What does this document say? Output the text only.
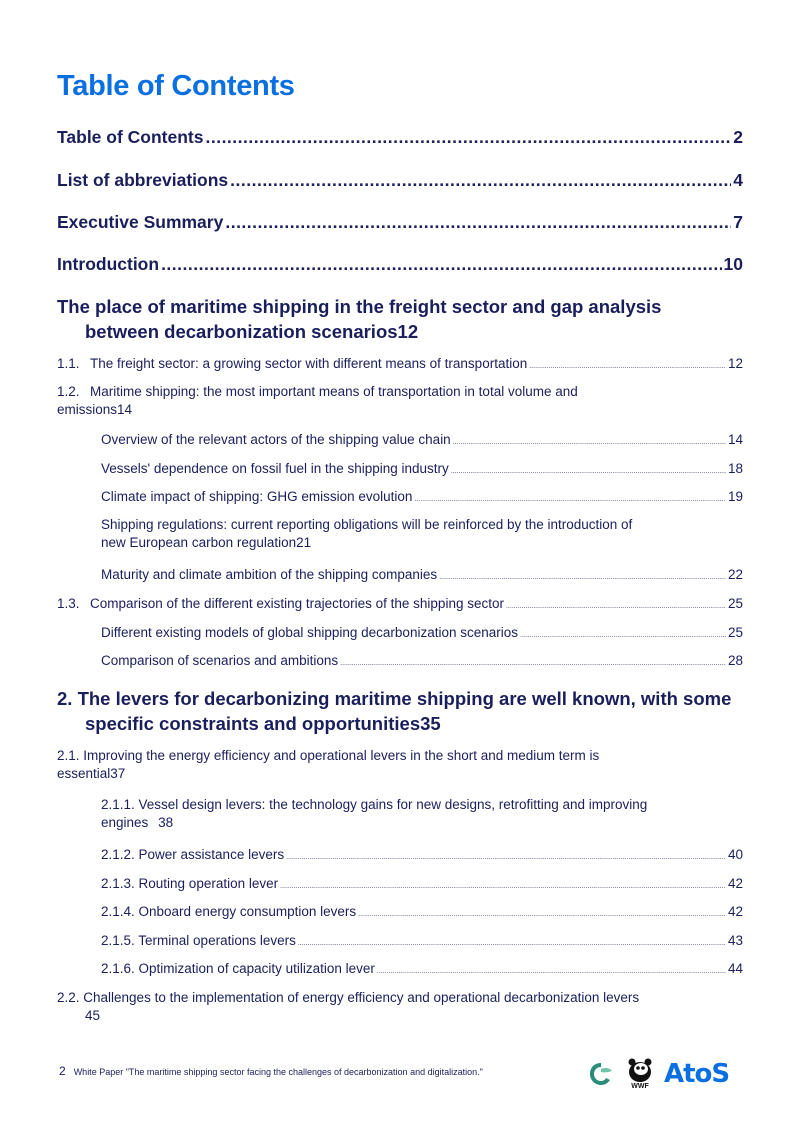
Table of Contents
Table of Contents .....	2
List of abbreviations .....	4
Executive Summary .....	7
Introduction .....	10
The place of maritime shipping in the freight sector and gap analysis
between decarbonization scenarios 12
1.1. The freight sector: a growing sector with different means of transportation .....	12
1.2. Maritime shipping: the most important means of transportation in total volume and
emissions 14
Overview of the relevant actors of the shipping value chain .....	14
Vessels' dependence on fossil fuel in the shipping industry .....	18
Climate impact of shipping: GHG emission evolution .....	19
Shipping regulations: current reporting obligations will be reinforced by the introduction of
new European carbon regulation 21
Maturity and climate ambition of the shipping companies .....	22
1.3. Comparison of the different existing trajectories of the shipping sector .....	25
Different existing models of global shipping decarbonization scenarios .....	25
Comparison of scenarios and ambitions .....	28
2. The levers for decarbonizing maritime shipping are well known, with some
specific constraints and opportunities 35
2.1. Improving the energy efficiency and operational levers in the short and medium term is
essential 37
2.1.1. Vessel design levers: the technology gains for new designs, retrofitting and improving
engines 38
2.1.2. Power assistance levers .....	40
2.1.3. Routing operation lever .....	42
2.1.4. Onboard energy consumption levers .....	42
2.1.5. Terminal operations levers .....	43
2.1.6. Optimization of capacity utilization lever .....	44
2.2. Challenges to the implementation of energy efficiency and operational decarbonization levers
45
2 White Paper "The maritime shipping sector facing the challenges of decarbonization and digitalization."
WWF AtoS
